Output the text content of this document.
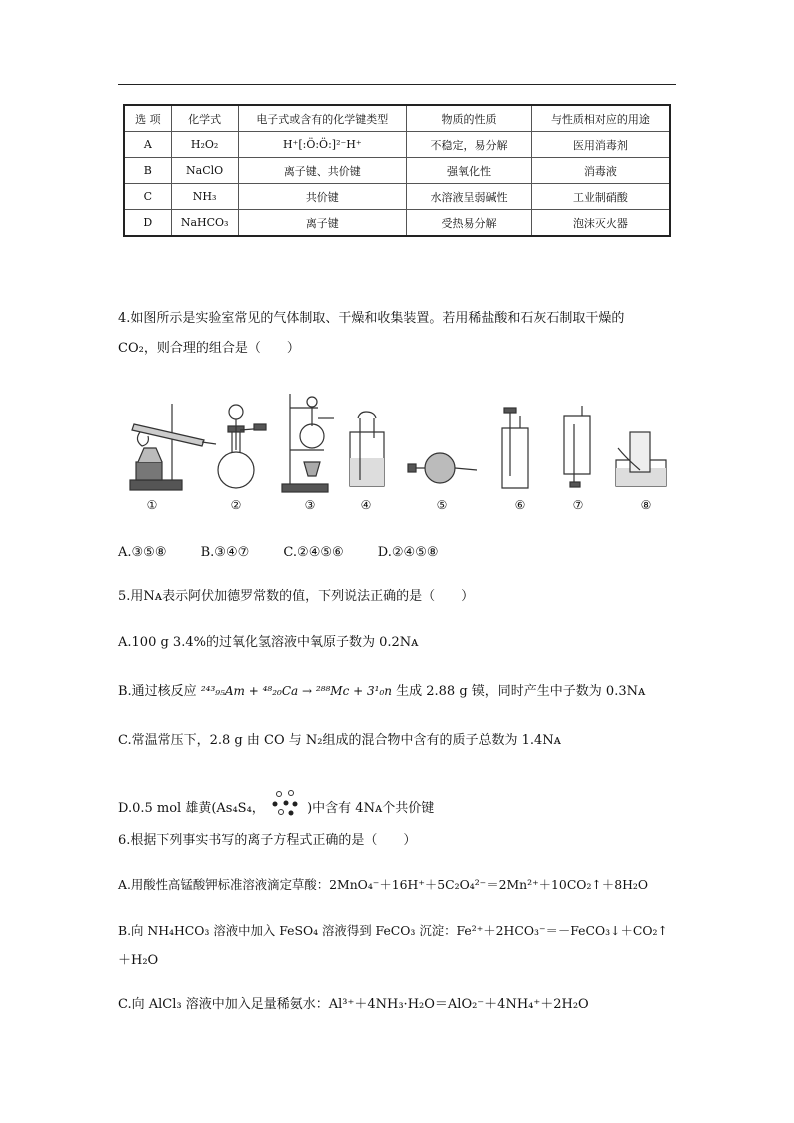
选 项	化学式	电子式或含有的化学键类型	物质的性质	与性质相对应的用途
A	H₂O₂	H⁺[:Ö:Ö:]²⁻H⁺	不稳定，易分解	医用消毒剂
B	NaClO	离子键、共价键	强氧化性	消毒液
C	NH₃	共价键	水溶液呈弱碱性	工业制硝酸
D	NaHCO₃	离子键	受热易分解	泡沫灭火器
4.如图所示是实验室常见的气体制取、干燥和收集装置。若用稀盐酸和石灰石制取干燥的
CO₂，则合理的组合是（　　）
①	②	③	④	⑤	⑥	⑦	⑧
A.③⑤⑧	B.③④⑦	C.②④⑤⑥	D.②④⑤⑧
5.用Nᴀ表示阿伏加德罗常数的值，下列说法正确的是（　　）
A.100 g 3.4%的过氧化氢溶液中氧原子数为 0.2Nᴀ
B.通过核反应 ²⁴³₉₅Am + ⁴⁸₂₀Ca → ²⁸⁸Mc + 3¹₀n 生成 2.88 g 镆，同时产生中子数为 0.3Nᴀ
C.常温常压下，2.8 g 由 CO 与 N₂组成的混合物中含有的质子总数为 1.4Nᴀ
D.0.5 mol 雄黄(As₄S₄，	)中含有 4Nᴀ个共价键
6.根据下列事实书写的离子方程式正确的是（　　）
A.用酸性高锰酸钾标准溶液滴定草酸：2MnO₄⁻＋16H⁺＋5C₂O₄²⁻＝2Mn²⁺＋10CO₂↑＋8H₂O
B.向 NH₄HCO₃ 溶液中加入 FeSO₄ 溶液得到 FeCO₃ 沉淀：Fe²⁺＋2HCO₃⁻＝－FeCO₃↓＋CO₂↑
＋H₂O
C.向 AlCl₃ 溶液中加入足量稀氨水：Al³⁺＋4NH₃·H₂O＝AlO₂⁻＋4NH₄⁺＋2H₂O
